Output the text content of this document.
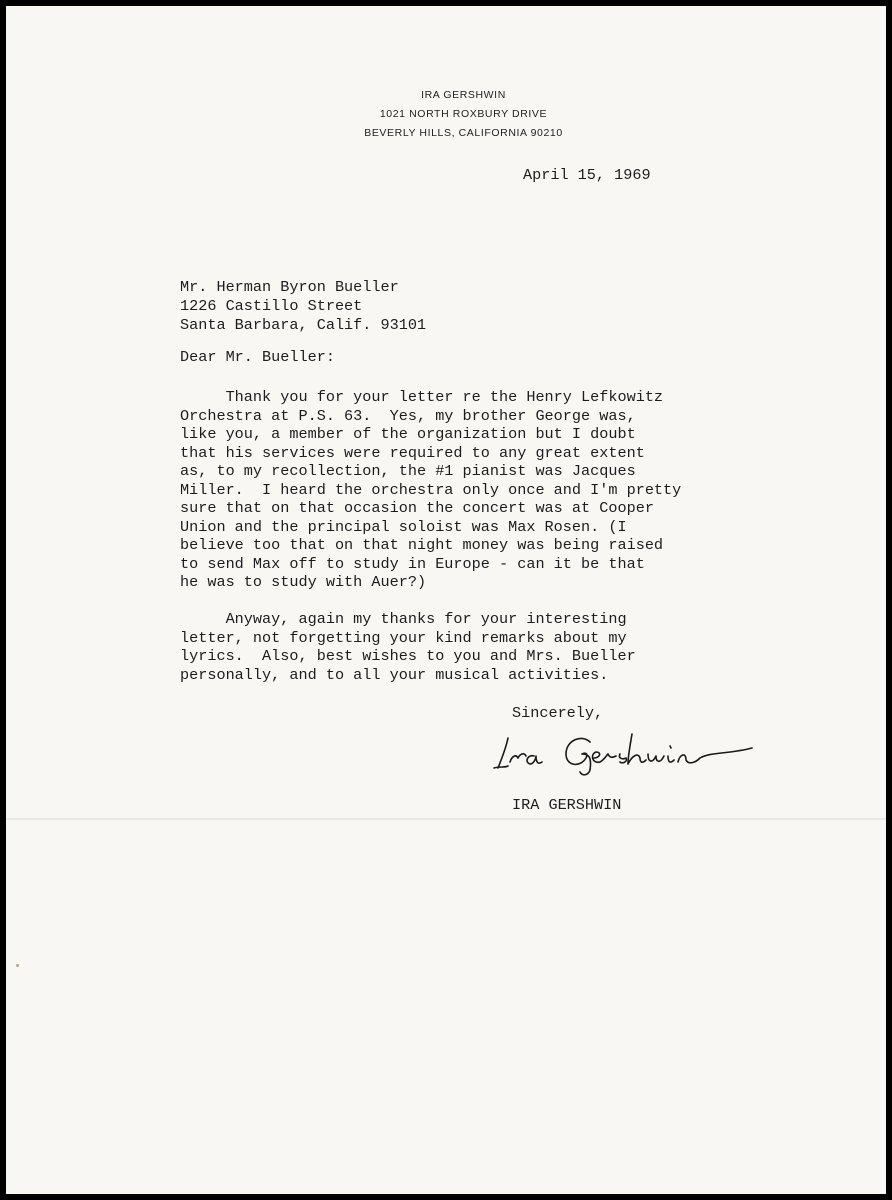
IRA GERSHWIN
1021 NORTH ROXBURY DRIVE
BEVERLY HILLS, CALIFORNIA 90210
April 15, 1969
Mr. Herman Byron Bueller
1226 Castillo Street
Santa Barbara, Calif. 93101
Dear Mr. Bueller:
Thank you for your letter re the Henry Lefkowitz
Orchestra at P.S. 63.  Yes, my brother George was,
like you, a member of the organization but I doubt
that his services were required to any great extent
as, to my recollection, the #1 pianist was Jacques
Miller.  I heard the orchestra only once and I'm pretty
sure that on that occasion the concert was at Cooper
Union and the principal soloist was Max Rosen. (I
believe too that on that night money was being raised
to send Max off to study in Europe - can it be that
he was to study with Auer?)
Anyway, again my thanks for your interesting
letter, not forgetting your kind remarks about my
lyrics.  Also, best wishes to you and Mrs. Bueller
personally, and to all your musical activities.
Sincerely,
IRA GERSHWIN
